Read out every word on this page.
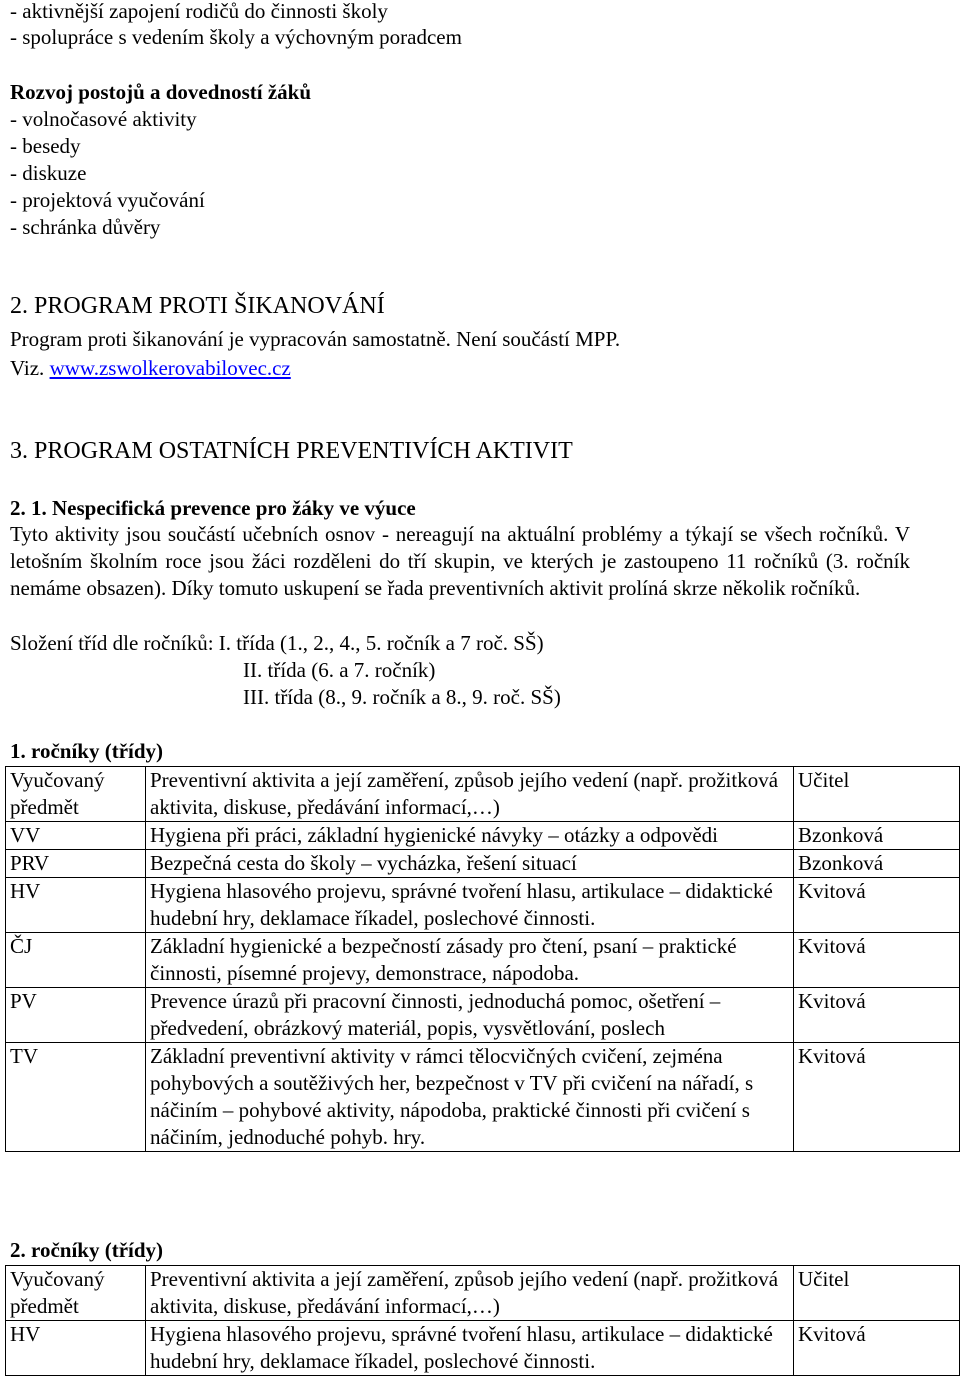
- aktivnější zapojení rodičů do činnosti školy
- spolupráce s vedením školy a výchovným poradcem
Rozvoj postojů a dovedností žáků
- volnočasové aktivity
- besedy
- diskuze
- projektová vyučování
- schránka důvěry
2. PROGRAM PROTI ŠIKANOVÁNÍ
Program proti šikanování je vypracován samostatně. Není součástí MPP.
Viz. www.zswolkerovabilovec.cz
3. PROGRAM OSTATNÍCH PREVENTIVÍCH AKTIVIT
2. 1. Nespecifická prevence pro žáky ve výuce
Tyto aktivity jsou součástí učebních osnov - nereagují na aktuální problémy a týkají se všech ročníků. V letošním školním roce jsou žáci rozděleni do tří skupin, ve kterých je zastoupeno 11 ročníků (3. ročník nemáme obsazen). Díky tomuto uskupení se řada preventivních aktivit prolíná skrze několik ročníků.
Složení tříd dle ročníků: I. třída (1., 2., 4., 5. ročník a 7 roč. SŠ)
II. třída (6. a 7. ročník)
III. třída (8., 9. ročník a 8., 9. roč. SŠ)
1. ročníky (třídy)
Vyučovaný předmět	Preventivní aktivita a její zaměření, způsob jejího vedení (např. prožitková aktivita, diskuse, předávání informací,…)	Učitel
VV	Hygiena při práci, základní hygienické návyky – otázky a odpovědi	Bzonková
PRV	Bezpečná cesta do školy – vycházka, řešení situací	Bzonková
HV	Hygiena hlasového projevu, správné tvoření hlasu, artikulace – didaktické hudební hry, deklamace říkadel, poslechové činnosti.	Kvitová
ČJ	Základní hygienické a bezpečností zásady pro čtení, psaní – praktické činnosti, písemné projevy, demonstrace, nápodoba.	Kvitová
PV	Prevence úrazů při pracovní činnosti, jednoduchá pomoc, ošetření – předvedení, obrázkový materiál, popis, vysvětlování, poslech	Kvitová
TV	Základní preventivní aktivity v rámci tělocvičných cvičení, zejména pohybových a soutěživých her, bezpečnost v TV při cvičení na nářadí, s náčiním – pohybové aktivity, nápodoba, praktické činnosti při cvičení s náčiním, jednoduché pohyb. hry.	Kvitová
2. ročníky (třídy)
Vyučovaný předmět	Preventivní aktivita a její zaměření, způsob jejího vedení (např. prožitková aktivita, diskuse, předávání informací,…)	Učitel
HV	Hygiena hlasového projevu, správné tvoření hlasu, artikulace – didaktické hudební hry, deklamace říkadel, poslechové činnosti.	Kvitová
